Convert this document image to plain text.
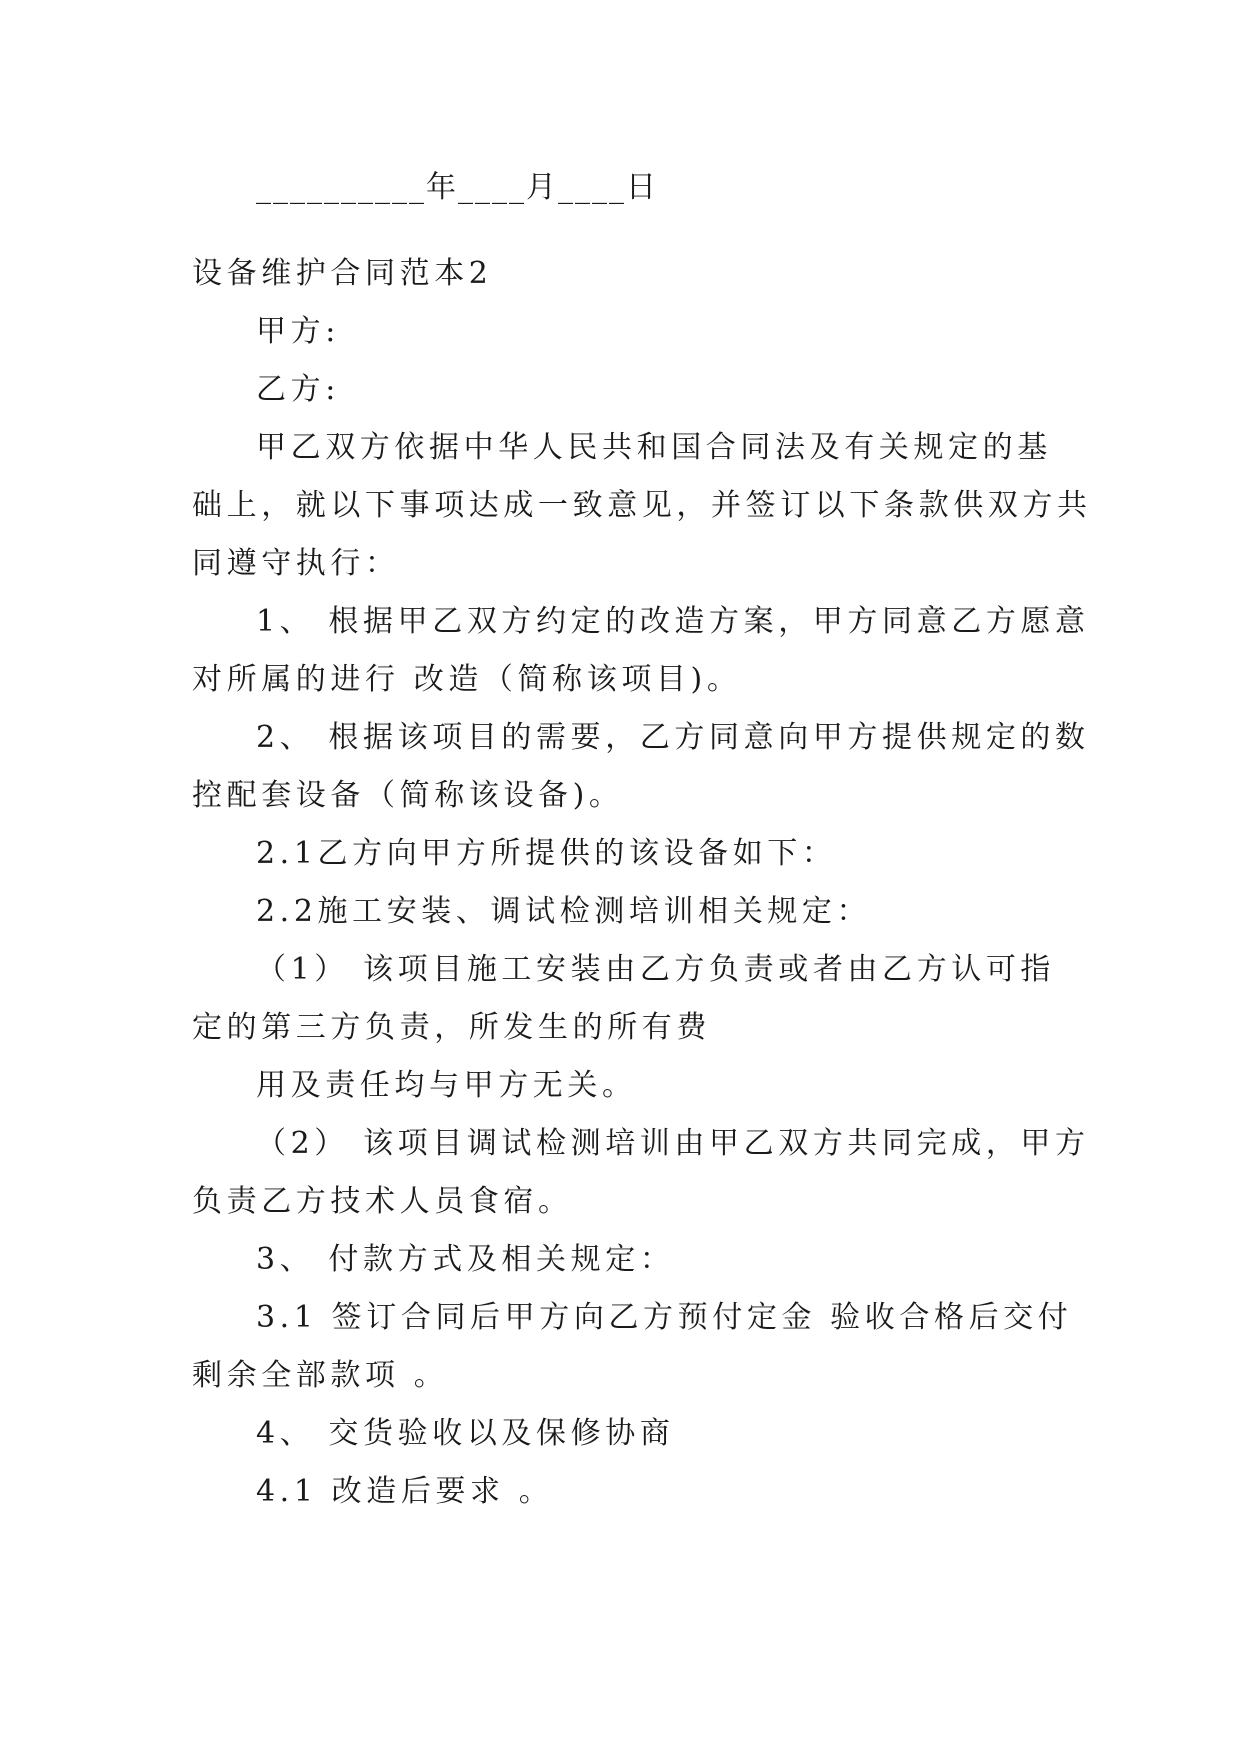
__________年____月____日
设备维护合同范本2
甲方:
乙方:
甲乙双方依据中华人民共和国合同法及有关规定的基
础上，就以下事项达成一致意见，并签订以下条款供双方共
同遵守执行：
1、 根据甲乙双方约定的改造方案，甲方同意乙方愿意
对所属的进行 改造（简称该项目)。
2、 根据该项目的需要，乙方同意向甲方提供规定的数
控配套设备（简称该设备)。
2.1乙方向甲方所提供的该设备如下：
2.2施工安装、调试检测培训相关规定：
（1） 该项目施工安装由乙方负责或者由乙方认可指
定的第三方负责，所发生的所有费
用及责任均与甲方无关。
（2） 该项目调试检测培训由甲乙双方共同完成，甲方
负责乙方技术人员食宿。
3、 付款方式及相关规定：
3.1 签订合同后甲方向乙方预付定金 验收合格后交付
剩余全部款项 。
4、 交货验收以及保修协商
4.1 改造后要求 。
